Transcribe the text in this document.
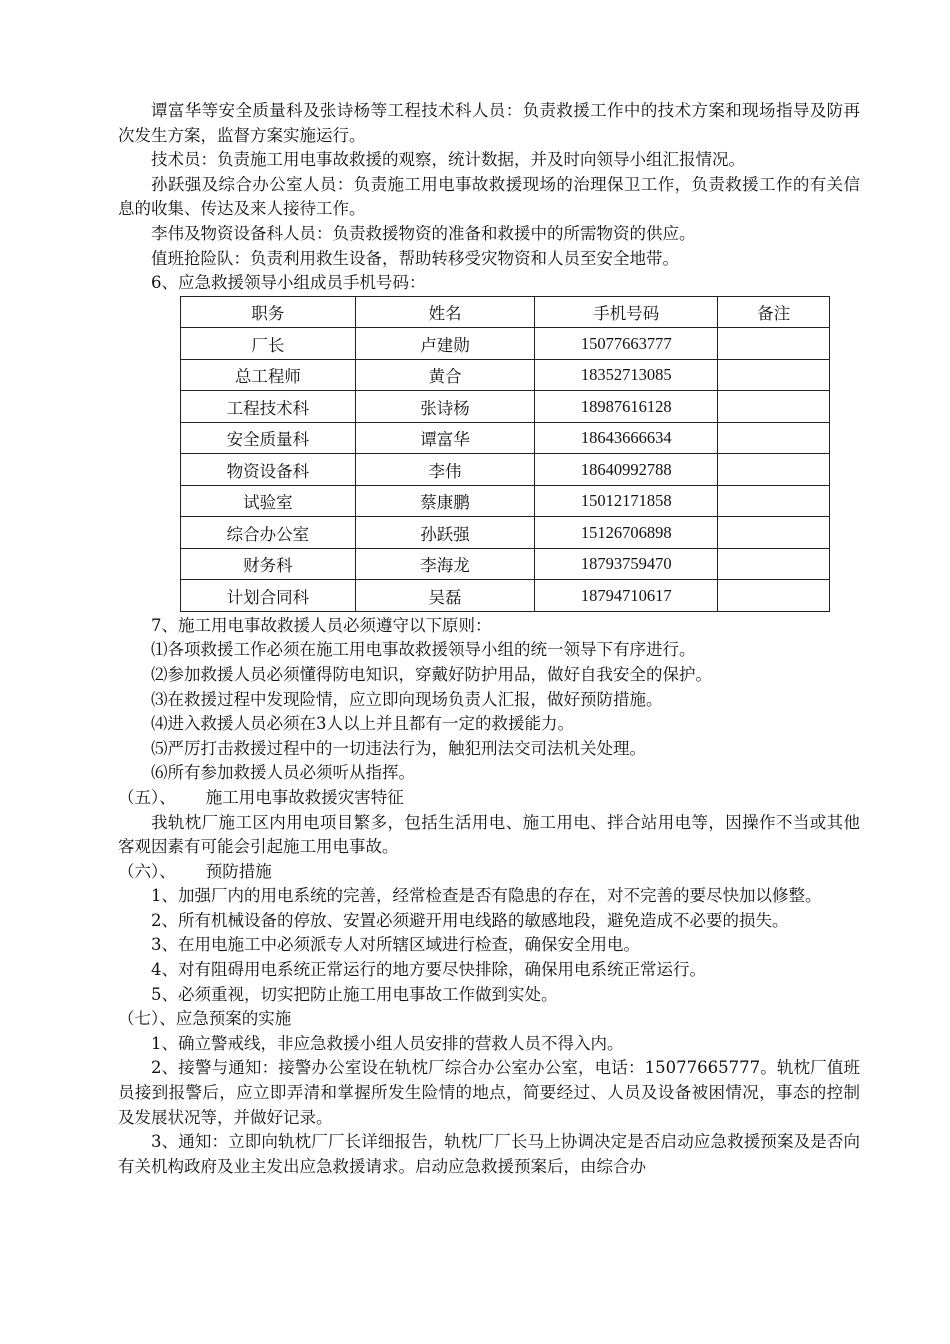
谭富华等安全质量科及张诗杨等工程技术科人员：负责救援工作中的技术方案和现场指导及防再次发生方案，监督方案实施运行。

技术员：负责施工用电事故救援的观察，统计数据，并及时向领导小组汇报情况。

孙跃强及综合办公室人员：负责施工用电事故救援现场的治理保卫工作，负责救援工作的有关信息的收集、传达及来人接待工作。

李伟及物资设备科人员：负责救援物资的准备和救援中的所需物资的供应。

值班抢险队：负责利用救生设备，帮助转移受灾物资和人员至安全地带。

6、应急救援领导小组成员手机号码：

职务	姓名	手机号码	备注
厂长	卢建勋	15077663777	
总工程师	黄合	18352713085	
工程技术科	张诗杨	18987616128	
安全质量科	谭富华	18643666634	
物资设备科	李伟	18640992788	
试验室	蔡康鹏	15012171858	
综合办公室	孙跃强	15126706898	
财务科	李海龙	18793759470	
计划合同科	吴磊	18794710617	

7、施工用电事故救援人员必须遵守以下原则：

⑴各项救援工作必须在施工用电事故救援领导小组的统一领导下有序进行。

⑵参加救援人员必须懂得防电知识，穿戴好防护用品，做好自我安全的保护。

⑶在救援过程中发现险情，应立即向现场负责人汇报，做好预防措施。

⑷进入救援人员必须在3人以上并且都有一定的救援能力。

⑸严厉打击救援过程中的一切违法行为，触犯刑法交司法机关处理。

⑹所有参加救援人员必须听从指挥。

（五）、 施工用电事故救援灾害特征

我轨枕厂施工区内用电项目繁多，包括生活用电、施工用电、拌合站用电等，因操作不当或其他客观因素有可能会引起施工用电事故。

（六）、 预防措施

1、加强厂内的用电系统的完善，经常检查是否有隐患的存在，对不完善的要尽快加以修整。

2、所有机械设备的停放、安置必须避开用电线路的敏感地段，避免造成不必要的损失。

3、在用电施工中必须派专人对所辖区域进行检查，确保安全用电。

4、对有阻碍用电系统正常运行的地方要尽快排除，确保用电系统正常运行。

5、必须重视，切实把防止施工用电事故工作做到实处。

（七）、应急预案的实施

1、确立警戒线，非应急救援小组人员安排的营救人员不得入内。

2、接警与通知：接警办公室设在轨枕厂综合办公室办公室，电话：15077665777。轨枕厂值班员接到报警后，应立即弄清和掌握所发生险情的地点，简要经过、人员及设备被困情况，事态的控制及发展状况等，并做好记录。

3、通知：立即向轨枕厂厂长详细报告，轨枕厂厂长马上协调决定是否启动应急救援预案及是否向有关机构政府及业主发出应急救援请求。启动应急救援预案后，由综合办
